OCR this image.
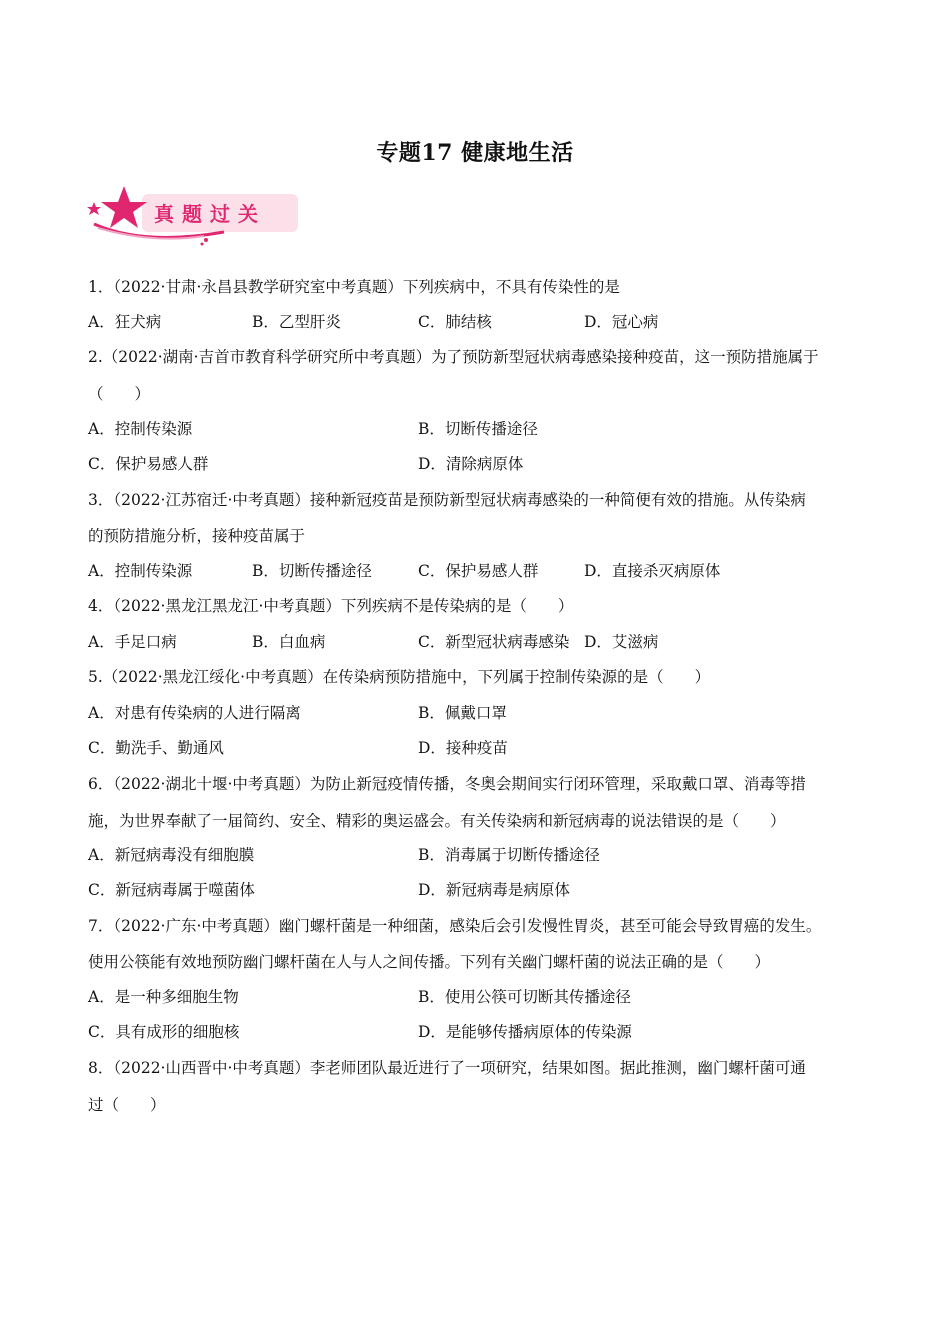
专题17 健康地生活
真题过关
1．（2022·甘肃·永昌县教学研究室中考真题）下列疾病中，不具有传染性的是
A．狂犬病	B．乙型肝炎	C．肺结核	D．冠心病
2.（2022·湖南·吉首市教育科学研究所中考真题）为了预防新型冠状病毒感染接种疫苗，这一预防措施属于
（　　）
A．控制传染源	B．切断传播途径
C．保护易感人群	D．清除病原体
3．（2022·江苏宿迁·中考真题）接种新冠疫苗是预防新型冠状病毒感染的一种简便有效的措施。从传染病
的预防措施分析，接种疫苗属于
A．控制传染源	B．切断传播途径	C．保护易感人群	D．直接杀灭病原体
4．（2022·黑龙江黑龙江·中考真题）下列疾病不是传染病的是（　　）
A．手足口病	B．白血病	C．新型冠状病毒感染 D．艾滋病
5.（2022·黑龙江绥化·中考真题）在传染病预防措施中，下列属于控制传染源的是（　　）
A．对患有传染病的人进行隔离	B．佩戴口罩
C．勤洗手、勤通风	D．接种疫苗
6．（2022·湖北十堰·中考真题）为防止新冠疫情传播，冬奥会期间实行闭环管理，采取戴口罩、消毒等措
施，为世界奉献了一届简约、安全、精彩的奥运盛会。有关传染病和新冠病毒的说法错误的是（　　）
A．新冠病毒没有细胞膜	B．消毒属于切断传播途径
C．新冠病毒属于噬菌体	D．新冠病毒是病原体
7．（2022·广东·中考真题）幽门螺杆菌是一种细菌，感染后会引发慢性胃炎，甚至可能会导致胃癌的发生。
使用公筷能有效地预防幽门螺杆菌在人与人之间传播。下列有关幽门螺杆菌的说法正确的是（　　）
A．是一种多细胞生物	B．使用公筷可切断其传播途径
C．具有成形的细胞核	D．是能够传播病原体的传染源
8．（2022·山西晋中·中考真题）李老师团队最近进行了一项研究，结果如图。据此推测，幽门螺杆菌可通
过（　　）
